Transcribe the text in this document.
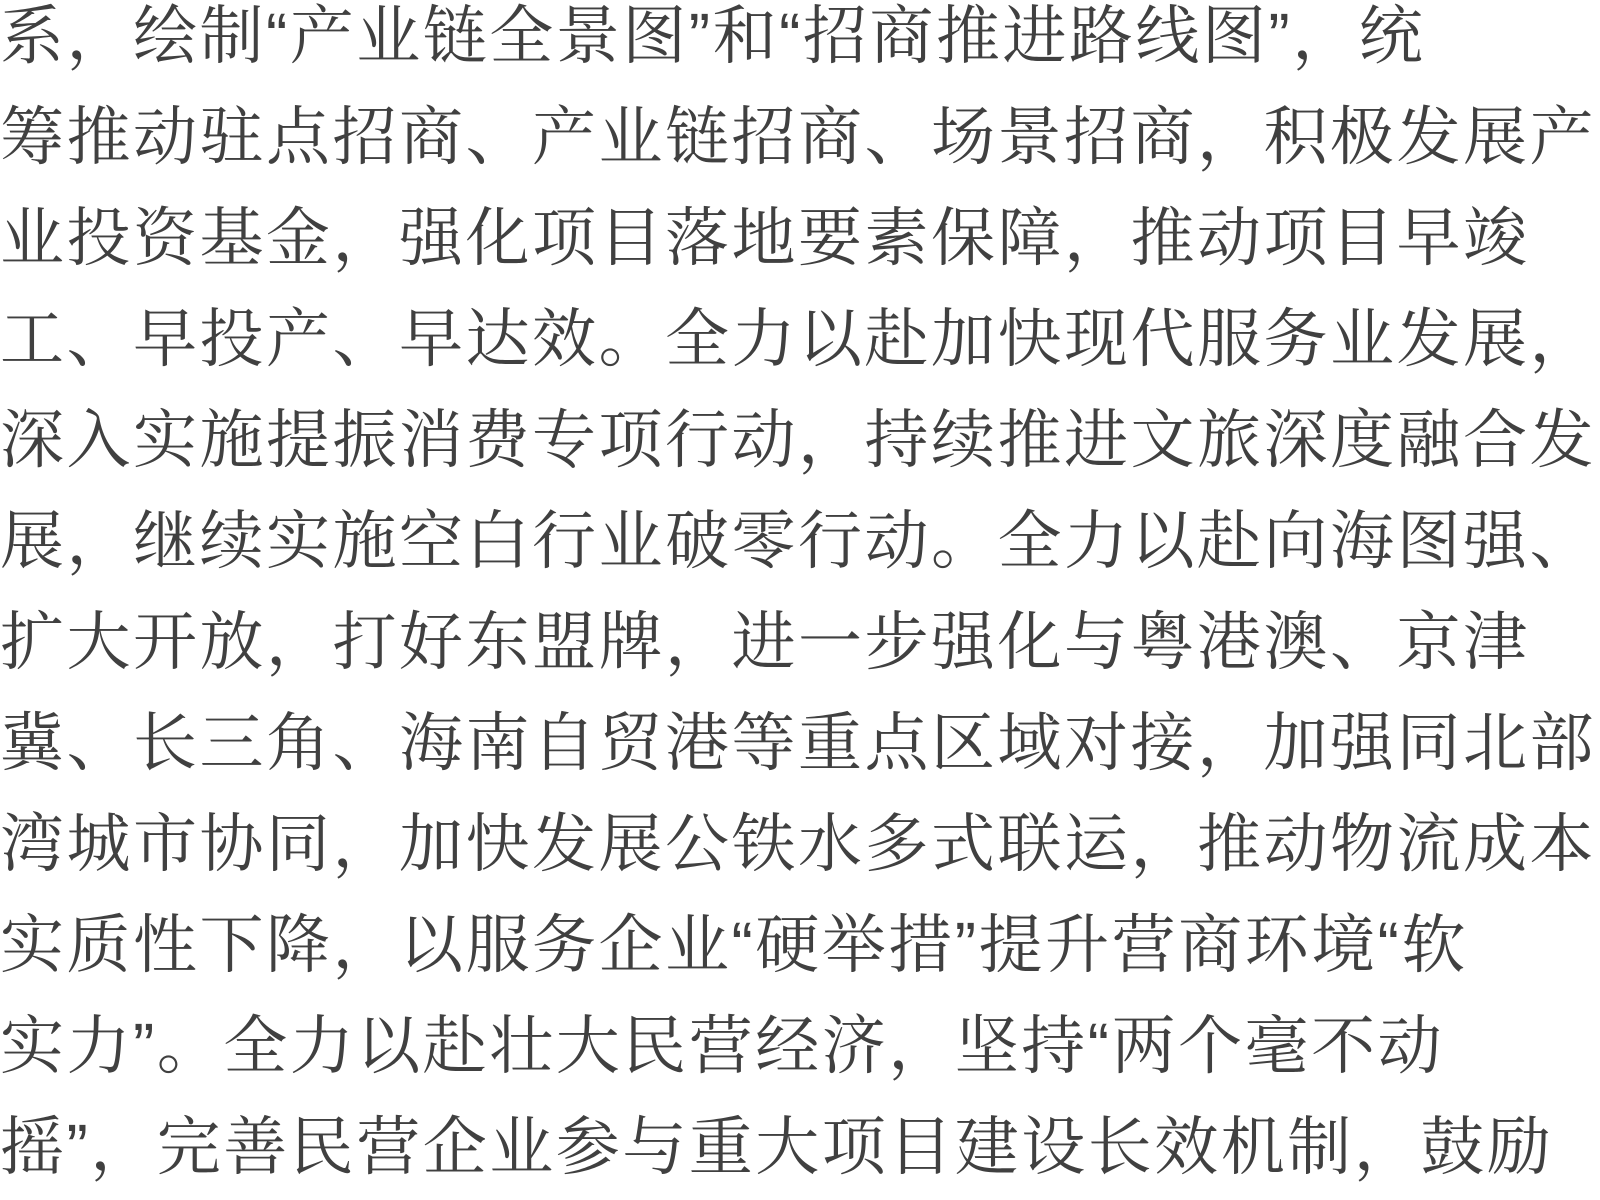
系，绘制“产业链全景图”和“招商推进路线图”，统
筹推动驻点招商、产业链招商、场景招商，积极发展产
业投资基金，强化项目落地要素保障，推动项目早竣
工、早投产、早达效。全力以赴加快现代服务业发展，
深入实施提振消费专项行动，持续推进文旅深度融合发
展，继续实施空白行业破零行动。全力以赴向海图强、
扩大开放，打好东盟牌，进一步强化与粤港澳、京津
冀、长三角、海南自贸港等重点区域对接，加强同北部
湾城市协同，加快发展公铁水多式联运，推动物流成本
实质性下降，以服务企业“硬举措”提升营商环境“软
实力”。全力以赴壮大民营经济，坚持“两个毫不动
摇”，完善民营企业参与重大项目建设长效机制，鼓励
